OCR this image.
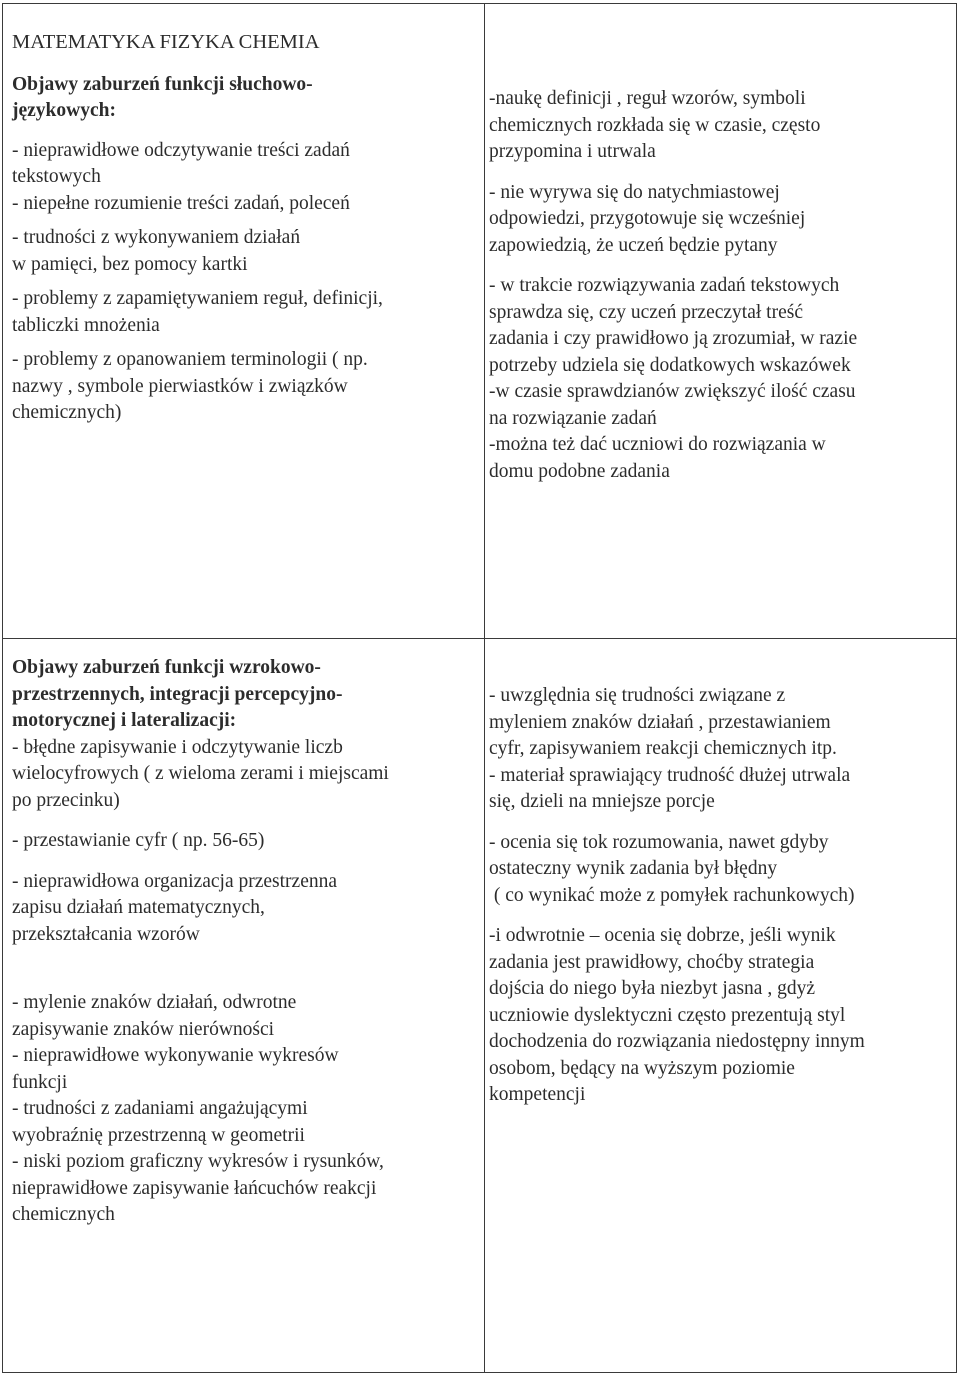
MATEMATYKA FIZYKA CHEMIA

Objawy zaburzeń funkcji słuchowo-

językowych:

- nieprawidłowe odczytywanie treści zadań

tekstowych

- niepełne rozumienie treści zadań, poleceń

- trudności z wykonywaniem działań

w pamięci, bez pomocy kartki

- problemy z zapamiętywaniem reguł, definicji,

tabliczki mnożenia

- problemy z opanowaniem terminologii ( np.

nazwy , symbole pierwiastków i związków

chemicznych)

-naukę definicji , reguł wzorów, symboli

chemicznych rozkłada się w czasie, często

przypomina i utrwala

- nie wyrywa się do natychmiastowej

odpowiedzi, przygotowuje się wcześniej

zapowiedzią, że uczeń będzie pytany

- w trakcie rozwiązywania zadań tekstowych

sprawdza się, czy uczeń przeczytał treść

zadania i czy prawidłowo ją zrozumiał, w razie

potrzeby udziela się dodatkowych wskazówek

-w czasie sprawdzianów zwiększyć ilość czasu

na rozwiązanie zadań

-można też dać uczniowi do rozwiązania w

domu podobne zadania

Objawy zaburzeń funkcji wzrokowo-

przestrzennych, integracji percepcyjno-

motorycznej i lateralizacji:

- błędne zapisywanie i odczytywanie liczb

wielocyfrowych ( z wieloma zerami i miejscami

po przecinku)

- przestawianie cyfr ( np. 56-65)

- nieprawidłowa organizacja przestrzenna

zapisu działań matematycznych,

przekształcania wzorów

- mylenie znaków działań, odwrotne

zapisywanie znaków nierówności

- nieprawidłowe wykonywanie wykresów

funkcji

- trudności z zadaniami angażującymi

wyobraźnię przestrzenną w geometrii

- niski poziom graficzny wykresów i rysunków,

nieprawidłowe zapisywanie łańcuchów reakcji

chemicznych

- uwzględnia się trudności związane z

myleniem znaków działań , przestawianiem

cyfr, zapisywaniem reakcji chemicznych itp.

- materiał sprawiający trudność dłużej utrwala

się, dzieli na mniejsze porcje

- ocenia się tok rozumowania, nawet gdyby

ostateczny wynik zadania był błędny

( co wynikać może z pomyłek rachunkowych)

-i odwrotnie – ocenia się dobrze, jeśli wynik

zadania jest prawidłowy, choćby strategia

dojścia do niego była niezbyt jasna , gdyż

uczniowie dyslektyczni często prezentują styl

dochodzenia do rozwiązania niedostępny innym

osobom, będący na wyższym poziomie

kompetencji
